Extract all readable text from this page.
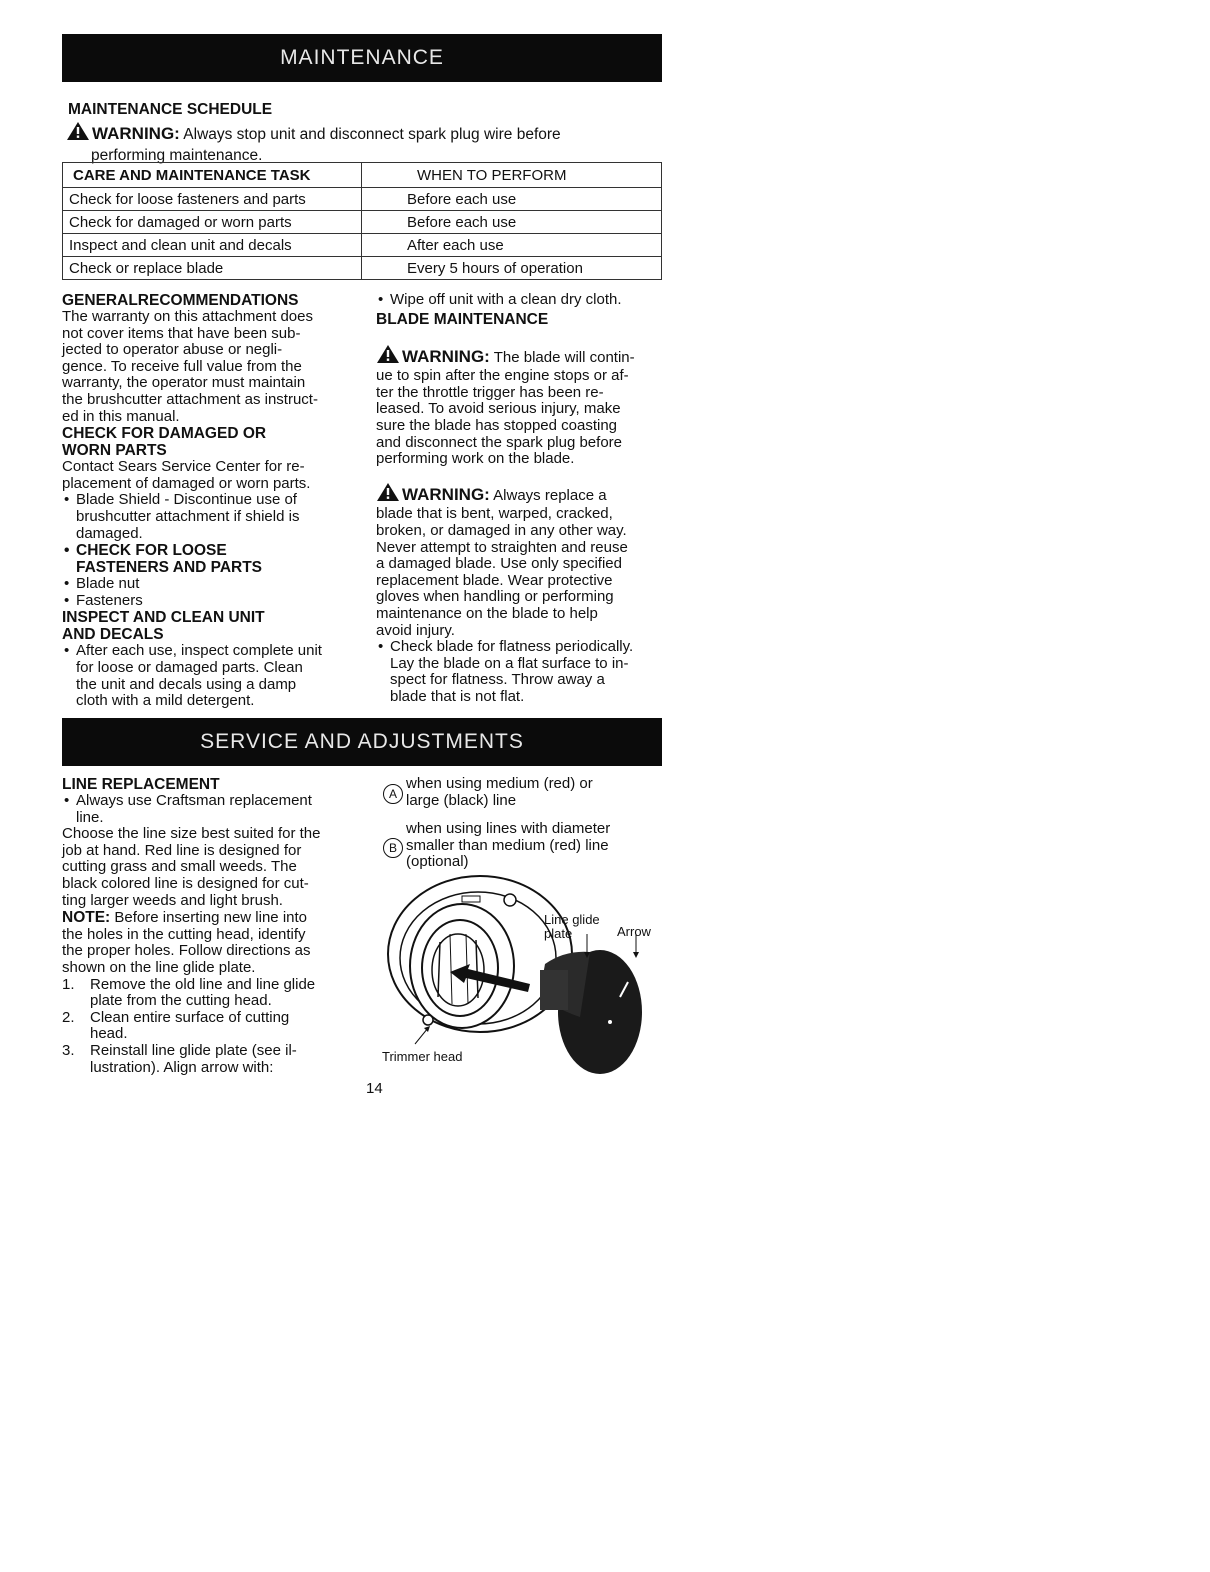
MAINTENANCE
MAINTENANCE SCHEDULE
WARNING: Always stop unit and disconnect spark plug wire before
performing maintenance.
CARE AND MAINTENANCE TASK	WHEN TO PERFORM
Check for loose fasteners and parts	Before each use
Check for damaged or worn parts	Before each use
Inspect and clean unit and decals	After each use
Check or replace blade	Every 5 hours of operation
GENERALRECOMMENDATIONS
The warranty on this attachment does
not cover items that have been sub-
jected to operator abuse or negli-
gence. To receive full value from the
warranty, the operator must maintain
the brushcutter attachment as instruct-
ed in this manual.
CHECK FOR DAMAGED OR
WORN PARTS
Contact Sears Service Center for re-
placement of damaged or worn parts.
• Blade Shield - Discontinue use of
brushcutter attachment if shield is
damaged.
• CHECK FOR LOOSE
FASTENERS AND PARTS
• Blade nut
• Fasteners
INSPECT AND CLEAN UNIT
AND DECALS
• After each use, inspect complete unit
for loose or damaged parts. Clean
the unit and decals using a damp
cloth with a mild detergent.
• Wipe off unit with a clean dry cloth.
BLADE MAINTENANCE
WARNING: The blade will contin-
ue to spin after the engine stops or af-
ter the throttle trigger has been re-
leased. To avoid serious injury, make
sure the blade has stopped coasting
and disconnect the spark plug before
performing work on the blade.
WARNING: Always replace a
blade that is bent, warped, cracked,
broken, or damaged in any other way.
Never attempt to straighten and reuse
a damaged blade. Use only specified
replacement blade. Wear protective
gloves when handling or performing
maintenance on the blade to help
avoid injury.
• Check blade for flatness periodically.
Lay the blade on a flat surface to in-
spect for flatness. Throw away a
blade that is not flat.
SERVICE AND ADJUSTMENTS
LINE REPLACEMENT
• Always use Craftsman replacement
line.
Choose the line size best suited for the
job at hand. Red line is designed for
cutting grass and small weeds. The
black colored line is designed for cut-
ting larger weeds and light brush.
NOTE: Before inserting new line into
the holes in the cutting head, identify
the proper holes. Follow directions as
shown on the line glide plate.
1. Remove the old line and line glide
plate from the cutting head.
2. Clean entire surface of cutting
head.
3. Reinstall line glide plate (see il-
lustration). Align arrow with:
A
when using medium (red) or
large (black) line
B
when using lines with diameter
smaller than medium (red) line
(optional)
Line glide
plate	Arrow
Trimmer head
14
